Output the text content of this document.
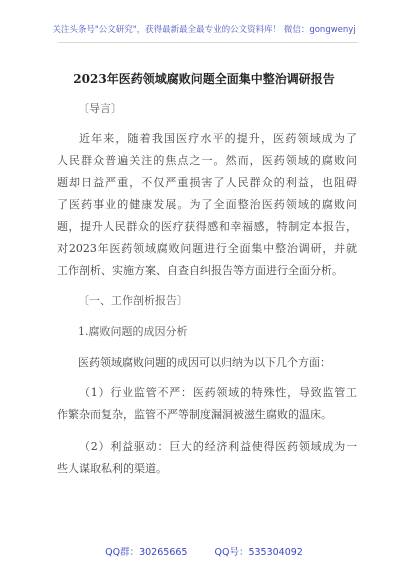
关注头条号"公文研究"，获得最新最全最专业的公文资料库！ 微信：gongwenyj
2023年医药领域腐败问题全面集中整治调研报告
〔导言〕
近年来，随着我国医疗水平的提升，医药领域成为了
人民群众普遍关注的焦点之一。然而，医药领域的腐败问
题却日益严重，不仅严重损害了人民群众的利益，也阻碍
了医药事业的健康发展。为了全面整治医药领域的腐败问
题，提升人民群众的医疗获得感和幸福感，特制定本报告，
对2023年医药领域腐败问题进行全面集中整治调研，并就
工作剖析、实施方案、自查自纠报告等方面进行全面分析。
〔一、工作剖析报告〕
1.腐败问题的成因分析
医药领域腐败问题的成因可以归纳为以下几个方面：
（1）行业监管不严：医药领域的特殊性，导致监管工
作繁杂而复杂，监管不严等制度漏洞被滋生腐败的温床。
（2）利益驱动：巨大的经济利益使得医药领域成为一
些人谋取私利的渠道。
QQ群：30265665	QQ号：535304092
